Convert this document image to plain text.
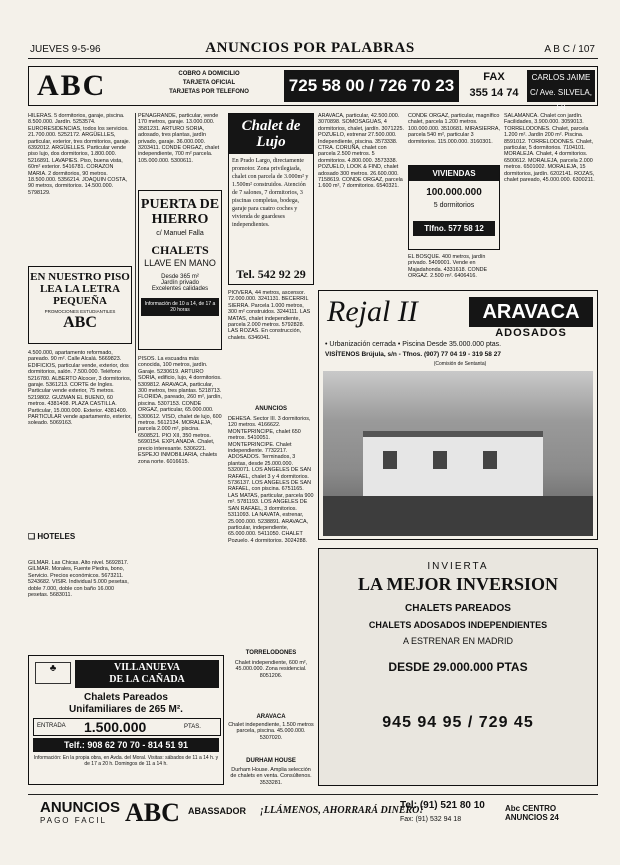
JUEVES 9-5-96	ANUNCIOS POR PALABRAS	A B C / 107
ABC	COBRO A DOMICILIO
TARJETA OFICIAL
TARJETAS POR TELEFONO	725 58 00 / 726 70 23	FAX
355 14 74
CARLOS JAIME
C/ Ave. SILVELA, 58

HILERAS. 5 dormitorios, garaje, piscina. 8.500.000. Jardín. 5253574. EURORESIDENCIAS, todos los servicios. 21.700.000. 5252172. ARGÜELLES, particular, exterior, tres dormitorios, garaje. 6392012. ARGÜELLES. Particular vende piso lujo, dos dormitorios, 1.800.000. 5216891. LAVAPIES. Piso, buena vista, 60m² exterior. 5416781. CORAZON MARIA. 2 dormitorios, 90 metros. 18.500.000. 5356214. JOAQUIN COSTA, 90 metros, dormitorios. 14.500.000. 5798129.

EN NUESTRO PISO
LEA LA LETRA
PEQUEÑA
PROMOCIONES ESTUDIANTILES
ABC

4.500.000, apartamento reformado, pareado. 90 m². Calle Alcalá. 5669823. EDIFICIOS, particular vende, exterior, dos dormitorios, salón. 7.500.000. Teléfono 5216780. ALBERTO Alcocer, 3 dormitorios, garaje. 5361213. CORTE de Ingles. Particular vende exterior, 75 metros. 5219802. GUZMAN EL BUENO, 60 metros. 4381408. PLAZA CASTILLA. Particular, 15.000.000. Exterior. 4381409. PARTICULAR vende apartamento, exterior, soleado. 5069163.

❑ HOTELES

GILMAR. Las Chicas. Alto nivel. 5692817. GILMAR. Morales, Fuente Piedra, bono, Servicio. Precios económicos. 5673211. 5243682. VISIR. Individual 5.000 pesetas, doble 7.000, doble con baño 16.000 pesetas. 5683011.

PEÑAGRANDE, particular, vende 170 metros, garaje. 13.000.000. 3581231. ARTURO SORIA, adosado, tres plantas, jardín privado, garaje. 36.000.000. 3203411. CONDE ORGAZ, chalet independiente, 700 m² parcela. 105.000.000. 5300611.

PUERTA DE HIERRO
c/ Manuel Falla
CHALETS
LLAVE EN MANO
Desde 365 m²
Jardín privado
Excelentes calidades
Información de 10 a 14, de 17 a 20 horas

PISOS. La escuadra más conocida, 100 metros, jardín. Garaje. 5230619. ARTURO SORIA, edificio, lujo, 4 dormitorios. 5309812. ARAVACA, particular, 300 metros, tres plantas. 5218713. FLORIDA, pareado, 260 m², jardín, piscina. 5307153. CONDE ORGAZ, particular, 65.000.000. 5300612. VISO, chalet de lujo, 600 metros. 5612134. MORALEJA, parcela 2.000 m², piscina. 6508521. PIO XII, 350 metros. 5690154. EXPLANADA. Chalet, precio interesante. 5306221. ESPEJO INMOBILIARIA, chalets zona norte. 6016615.

♣	VILLANUEVA
DE LA CAÑADA
Chalets Pareados
Unifamiliares de 265 M².
ENTRADA 1.500.000	PTAS.
Telf.: 908 62 70 70 - 814 51 91
Información: En la propia obra, en Avda. del Moral. Visitas: sábados de 11 a 14 h. y de 17 a 20 h. Domingos de 11 a 14 h.
Chalet de Lujo
En Prado Largo, directamente promotor. Zona privilegiada, chalet con parcela de 3.000m² y 1.500m² construidos. Atención de 7 salones, 7 dormitorios, 3 piscinas completas, bodega, garaje para cuatro coches y vivienda de guardeses independientes.
Tel. 542 92 29

ARAVACA, particular, 42.500.000. 3070898. SOMOSAGUAS, 4 dormitorios, chalet, jardín. 3071225. POZUELO, estrenar 27.500.000. Independiente, piscina. 3573338. CTRA. CORUÑA, chalet con parcela 2.500 metros. 5 dormitorios. 4.800.000. 3573338. POZUELO, LOOK & FIND, chalet adosado 300 metros. 26.600.000. 7158619. CONDE ORGAZ, parcela 1.600 m², 7 dormitorios. 6540321.

PIOVERA, 44 metros, ascensor. 72.000.000. 3241131. BECERRIL SIERRA. Parcela 1.000 metros, 300 m² construidos. 3244111. LAS MATAS, chalet independiente, parcela 2.000 metros. 5792828. LAS ROZAS. En construcción, chalets. 6346041.

ANUNCIOS

DEHESA. Sector III. 3 dormitorios, 120 metros. 4166622. MONTEPRINCIPE, chalet 650 metros. 5410051. MONTEPRINCIPE. Chalet independiente. 7732217. ADOSADOS. Terminados, 3 plantas, desde 25.000.000. 5320071. LOS ANGELES DE SAN RAFAEL, chalet 3 y 4 dormitorios. 5736137. LOS ANGELES DE SAN RAFAEL, con piscina. 6751165. LAS MATAS, particular, parcela 900 m². 5781193. LOS ANGELES DE SAN RAFAEL, 3 dormitorios. 5311093. LA NAVATA, estrenar, 25.000.000. 5238891. ARAVACA, particular, independiente, 65.000.000. 5411050. CHALET Pozuelo. 4 dormitorios. 3024288.

TORRELODONES

Chalet independiente, 600 m², 45.000.000. Zona residencial. 8051206.

ARAVACA

Chalet independiente, 1.500 metros parcela, piscina. 45.000.000. 5307020.

DURHAM HOUSE

Durham House. Amplia selección de chalets en venta. Consúltenos. 3533281.

CONDE ORGAZ, particular, magnífico chalet, parcela 1.200 metros. 100.000.000. 3510681. MIRASIERRA, parcela 540 m², particular 3 dormitorios. 115.000.000. 3160301.

VIVIENDAS
100.000.000
5 dormitorios
Tlfno. 577 58 12

EL BOSQUE. 400 metros, jardín privado. 5409001. Vende en Majadahonda. 4331618. CONDE ORGAZ. 2.500 m². 6406416.

SALAMANCA. Chalet con jardín. Facilidades, 3.900.000. 3059013. TORRELODONES. Chalet, parcela 1.200 m². Jardín 200 m². Piscina. 8591012. TORRELODONES. Chalet, particular, 5 dormitorios. 7104101. MORALEJA. Chalet, 4 dormitorios. 6500612. MORALEJA, parcela 2.000 metros. 6501002. MORALEJA, 15 dormitorios, jardín. 6202141. ROZAS, chalet pareado, 45.000.000. 6300211.

Rejal II	ARAVACA
ADOSADOS
• Urbanización cerrada • Piscina Desde 35.000.000 ptas.
VISÍTENOS Brújula, s/n - Tfnos. (907) 77 04 19 - 319 58 27
(Comisión de Sentanta)
INVIERTA
LA MEJOR INVERSION
CHALETS PAREADOS
CHALETS ADOSADOS INDEPENDIENTES
A ESTRENAR EN MADRID
DESDE 29.000.000 PTAS
945 94 95 / 729 45
ANUNCIOS
PAGO FACIL ABC ABASSADOR ¡LLÁMENOS, AHORRARÁ DINERO!
Tel: (91) 521 80 10
Fax: (91) 532 94 18
Abc CENTRO ANUNCIOS 24
